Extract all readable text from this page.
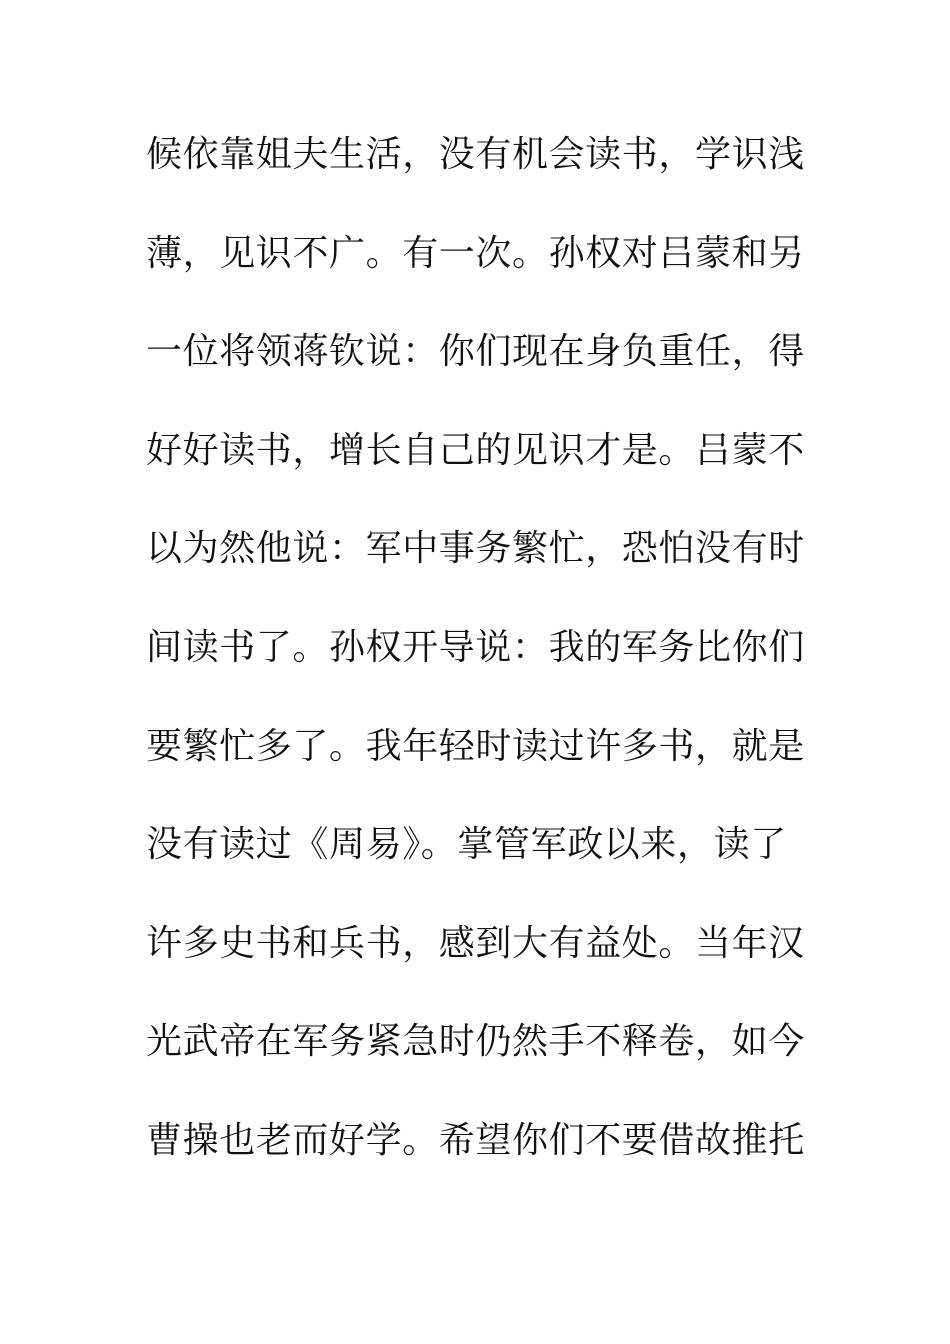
候依靠姐夫生活，没有机会读书，学识浅
薄，见识不广。有一次。孙权对吕蒙和另
一位将领蒋钦说：你们现在身负重任，得
好好读书，增长自己的见识才是。吕蒙不
以为然他说：军中事务繁忙，恐怕没有时
间读书了。孙权开导说：我的军务比你们
要繁忙多了。我年轻时读过许多书，就是
没有读过《周易》。掌管军政以来，读了
许多史书和兵书，感到大有益处。当年汉
光武帝在军务紧急时仍然手不释卷，如今
曹操也老而好学。希望你们不要借故推托
